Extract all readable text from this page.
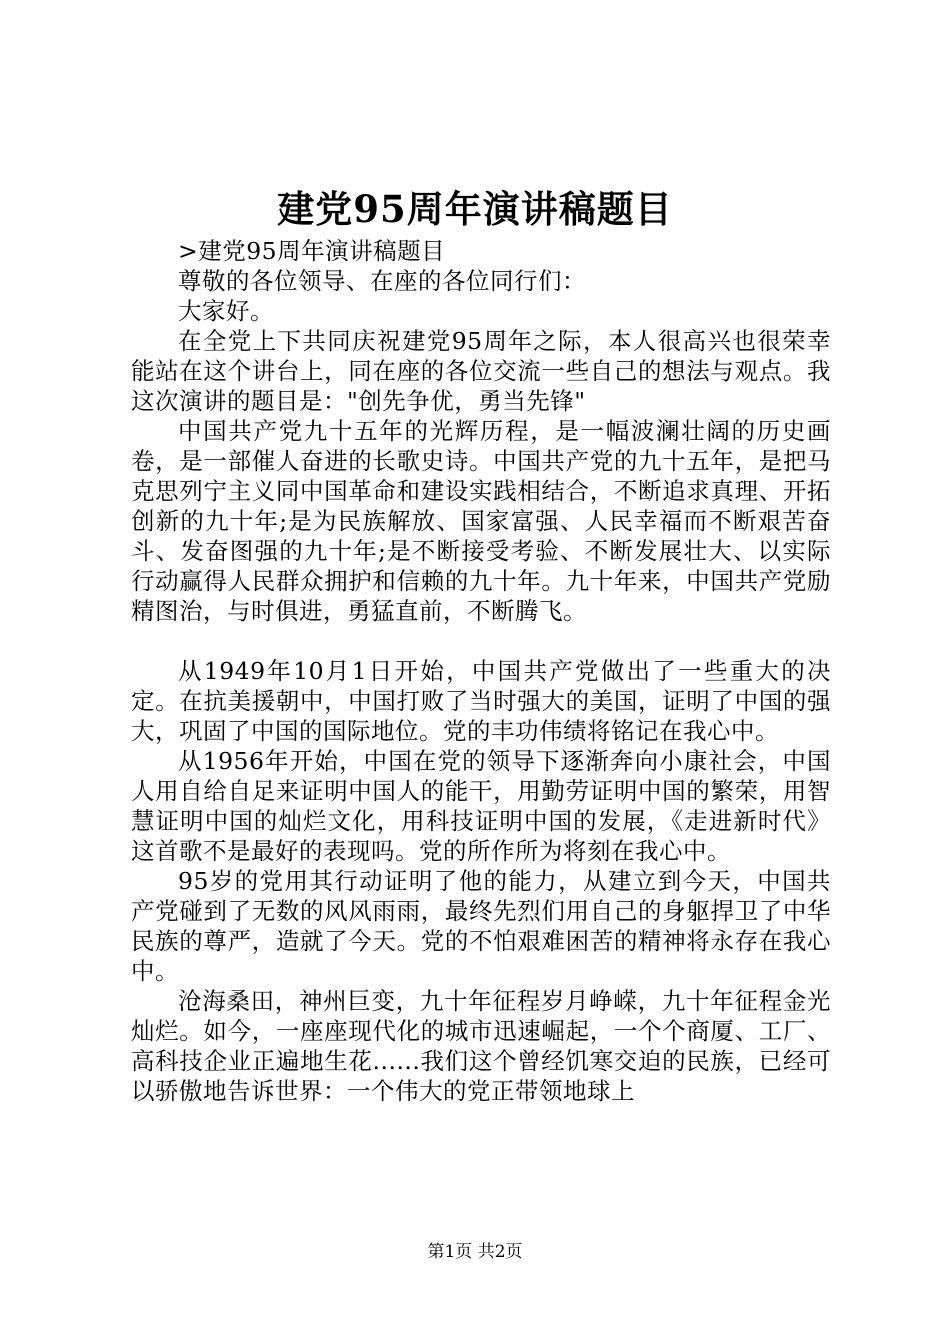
建党95周年演讲稿题目

>建党95周年演讲稿题目

尊敬的各位领导、在座的各位同行们：

大家好。

在全党上下共同庆祝建党95周年之际，本人很高兴也很荣幸能站在这个讲台上，同在座的各位交流一些自己的想法与观点。我这次演讲的题目是："创先争优，勇当先锋"

中国共产党九十五年的光辉历程，是一幅波澜壮阔的历史画卷，是一部催人奋进的长歌史诗。中国共产党的九十五年，是把马克思列宁主义同中国革命和建设实践相结合，不断追求真理、开拓创新的九十年;是为民族解放、国家富强、人民幸福而不断艰苦奋斗、发奋图强的九十年;是不断接受考验、不断发展壮大、以实际行动赢得人民群众拥护和信赖的九十年。九十年来，中国共产党励精图治，与时俱进，勇猛直前，不断腾飞。

从1949年10月1日开始，中国共产党做出了一些重大的决定。在抗美援朝中，中国打败了当时强大的美国，证明了中国的强大，巩固了中国的国际地位。党的丰功伟绩将铭记在我心中。

从1956年开始，中国在党的领导下逐渐奔向小康社会，中国人用自给自足来证明中国人的能干，用勤劳证明中国的繁荣，用智慧证明中国的灿烂文化，用科技证明中国的发展，《走进新时代》这首歌不是最好的表现吗。党的所作所为将刻在我心中。

95岁的党用其行动证明了他的能力，从建立到今天，中国共产党碰到了无数的风风雨雨，最终先烈们用自己的身躯捍卫了中华民族的尊严，造就了今天。党的不怕艰难困苦的精神将永存在我心中。

沧海桑田，神州巨变，九十年征程岁月峥嵘，九十年征程金光灿烂。如今，一座座现代化的城市迅速崛起，一个个商厦、工厂、高科技企业正遍地生花......我们这个曾经饥寒交迫的民族，已经可以骄傲地告诉世界：一个伟大的党正带领地球上

第1页 共2页
